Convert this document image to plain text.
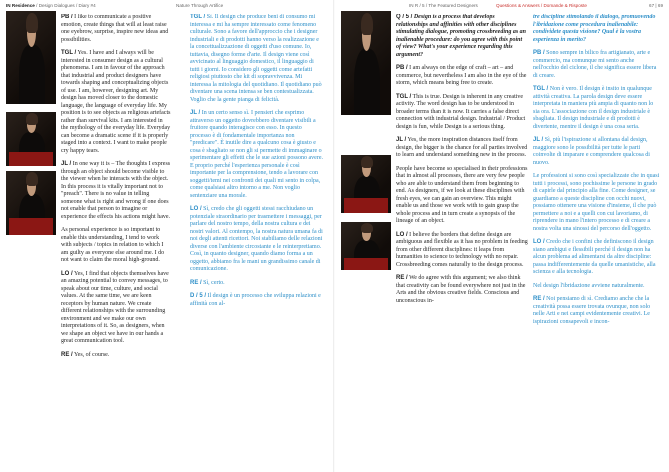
IN Residence / Design Dialogues / Diary #4	Nature Through Artifice

PB / I like to communicate a positive emotion, create things that will at least raise one eyebrow, surprise, inspire new ideas and possibilities.

TGL / Yes. I have and I always will be interested in consumer design as a cultural phenomena. I am in favour of the approach that industrial and product designers have towards shaping and conceptualizing objects of use. I am, however, designing art. My design has moved closer to the domestic language, the language of everyday life. My position is to see objects as religious artefacts rather than survival kits. I am interested in the mythology of the everyday life. Everyday can become a dramatic scene if it is properly staged into a context. I want to make people cry happy tears.

JL / In one way it is – The thoughts I express through an object should become visible to the viewer when he interacts with the object. In this process it is vitally important not to "preach". There is no value in telling someone what is right and wrong if one does not enable that person to imagine or experience the effects his actions might have.

As personal experience is so important to enable this understanding, I tend to work with subjects / topics in relation to which I am guilty as everyone else around me. I do not want to claim the moral high-ground.

LO / Yes, I find that objects themselves have an amazing potential to convey messages, to speak about our time, culture, and social values. At the same time, we are keen receptors by human nature. We create different relationships with the surrounding environment and we make our own interpretations of it. So, as designers, when we shape an object we have in our hands a great communication tool.

RE / Yes, of course.

TGL / Sì. Il design che produce beni di consumo mi interessa e mi ha sempre interessato come fenomeno culturale. Sono a favore dell'approccio che i designer industriali e di prodotti hanno verso la realizzazione e la concettualizzazione di oggetti d'uso comune. Io, tuttavia, disegno forme d'arte. Il design viene così avvicinato al linguaggio domestico, il linguaggio di tutti i giorni. Io considero gli oggetti come artefatti religiosi piuttosto che kit di sopravvivenza. Mi interessa la mitologia del quotidiano. Il quotidiano può diventare una scena intensa se ben contestualizzata. Voglio che la gente pianga di felicità.

JL / In un certo senso sì. I pensieri che esprimo attraverso un oggetto dovrebbero diventare visibili a fruitore quando interagisce con esso. In questo processo è di fondamentale importanza non "predicare". È inutile dire a qualcuno cosa è giusto e cosa è sbagliato se non gli si permette di immaginare o sperimentare gli effetti che le sue azioni possono avere. E proprio perché l'esperienza personale è così importante per la comprensione, tendo a lavorare con soggetti/temi nei confronti dei quali mi sento in colpa, come qualsiasi altro intorno a me. Non voglio sentenziare una morale.

LO / Sì, credo che gli oggetti stessi racchiudano un potenziale straordinario per trasmettere i messaggi, per parlare del nostro tempo, della nostra cultura e dei nostri valori. Al contempo, la nostra natura umana fa di noi degli attenti ricettori. Noi stabiliamo delle relazioni diverse con l'ambiente circostante e le reinterpretiamo. Così, in quanto designer, quando diamo forma a un oggetto, abbiamo fra le mani un grandissimo canale di comunicazione.

RE / Sì, certo.

D / 5 / Il design è un processo che sviluppa relazioni e affinità con al-

IN R / 5 / The Featured Designers	Questions & Answers / Domande & Risposte	67 | 69

Q / 5 / Design is a process that develops relationships and affinities with other disciplines stimulating dialogue, promoting crossbreeding as an inalienable procedure: do you agree with this point of view? What's your experience regarding this argument?

PB / I am always on the edge of craft – art – and commerce, but nevertheless I am also in the eye of the storm, which means being free to create.

TGL / This is true. Design is inherent in any creative activity. The word design has to be understood in broader terms than it is now. It carries a false direct connection with industrial design. Industrial / Product design is fun, while Design is a serious thing.

JL / Yes, the more inspiration distances itself from design, the bigger is the chance for all parties involved to learn and understand something new in the process.

People have become so specialised in their professions that in almost all processes, there are very few people who are able to understand them from beginning to end. As designers, if we look at these disciplines with fresh eyes, we can gain an overview. This might enable us and those we work with to gain grasp the whole process and in turn create a synopsis of the lineage of an object.

LO / I believe the borders that define design are ambiguous and flexible as it has no problem in feeding from other different disciplines: it leaps from humanities to science to technology with no repair. Crossbreeding comes naturally to the design process.

RE / We do agree with this argument; we also think that creativity can be found everywhere not just in the Arts and the obvious creative fields. Conscious and unconscious in-

tre discipline stimolando il dialogo, promuovendo l'ibridazione come procedura inalienabile: condividete questa visione? Qual è la vostra esperienza in merito?

PB / Sono sempre in bilico fra artigianato, arte e commercio, ma comunque mi sento anche nell'occhio del ciclone, il che significa essere libera di creare.

TGL / Non è vero. Il design è insito in qualunque attività creativa. La parola design deve essere interpretata in maniera più ampia di quanto non lo sia ora. L'associazione con il design industriale è sbagliata. Il design industriale e di prodotti è divertente, mentre il design è una cosa seria.

JL / Sì, più l'ispirazione si allontana dal design, maggiore sono le possibilità per tutte le parti coinvolte di imparare e comprendere qualcosa di nuovo.

Le professioni si sono così specializzate che in quasi tutti i processi, sono pochissime le persone in grado di capirle dal principio alla fine. Come designer, se guardiamo a queste discipline con occhi nuovi, possiamo ottenere una visione d'insieme, il che può permettere a noi e a quelli con cui lavoriamo, di riprendere in mano l'intero processo e di creare a nostra volta una sinossi del percorso dell'oggetto.

LO / Credo che i confini che definiscono il design siano ambigui e flessibili perché il design non ha alcun problema ad alimentarsi da altre discipline: passa indifferentemente da quelle umanistiche, alla scienza e alla tecnologia.

Nel design l'ibridazione avviene naturalmente.

RE / Noi pensiamo di sì. Crediamo anche che la creatività possa essere trovata ovunque, non solo nelle Arti e nei campi evidentemente creativi. Le ispirazioni consapevoli e incon-
